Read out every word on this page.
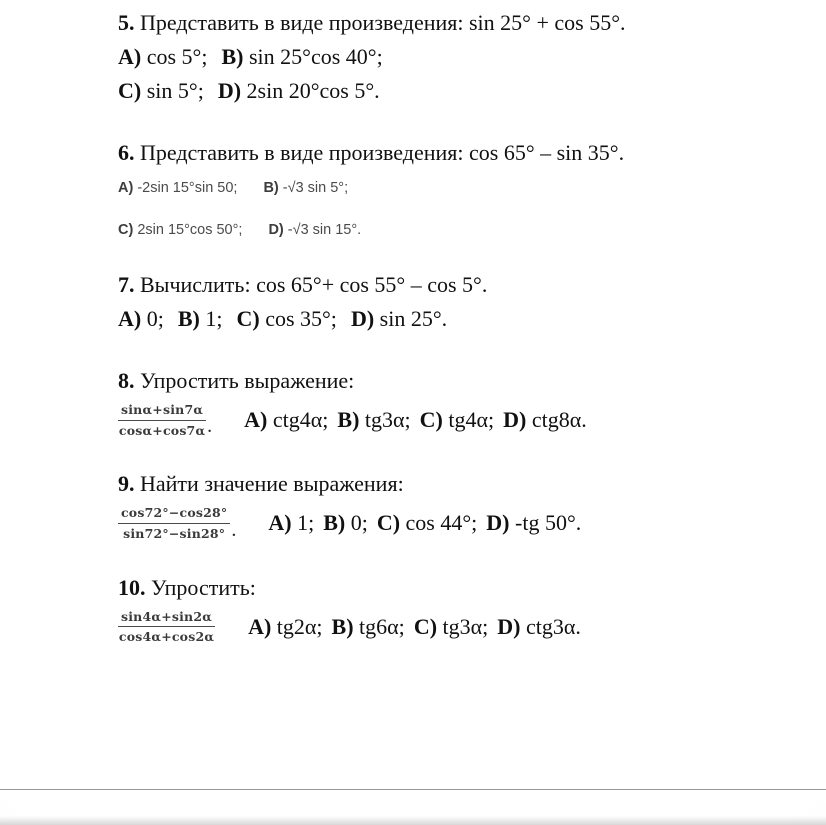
5. Представить в виде произведения: sin 25° + cos 55°.

А) cos 5°; В) sin 25°cos 40°;

С) sin 5°; D) 2sin 20°cos 5°.

6. Представить в виде произведения: cos 65° – sin 35°.

A) -2sin 15°sin 50; B) -√3 sin 5°;

C) 2sin 15°cos 50°; D) -√3 sin 15°.

7. Вычислить: cos 65°+ cos 55° – cos 5°.

А) 0; В) 1; С) cos 35°; D) sin 25°.

8. Упростить выражение:

$\frac{\sin\alpha+\sin 7\alpha}{\cos\alpha+\cos 7\alpha}$ . А) ctg4α; В) tg3α; С) tg4α; D) ctg8α.

9. Найти значение выражения:

$\frac{\cos 72^\circ-\cos 28^\circ}{\sin 72^\circ-\sin 28^\circ}$ . А) 1; В) 0; С) cos 44°; D) -tg 50°.

10. Упростить:

$\frac{\sin 4\alpha+\sin 2\alpha}{\cos 4\alpha+\cos 2\alpha} А$) tg2α; В) tg6α; С) tg3α; D) ctg3α.
